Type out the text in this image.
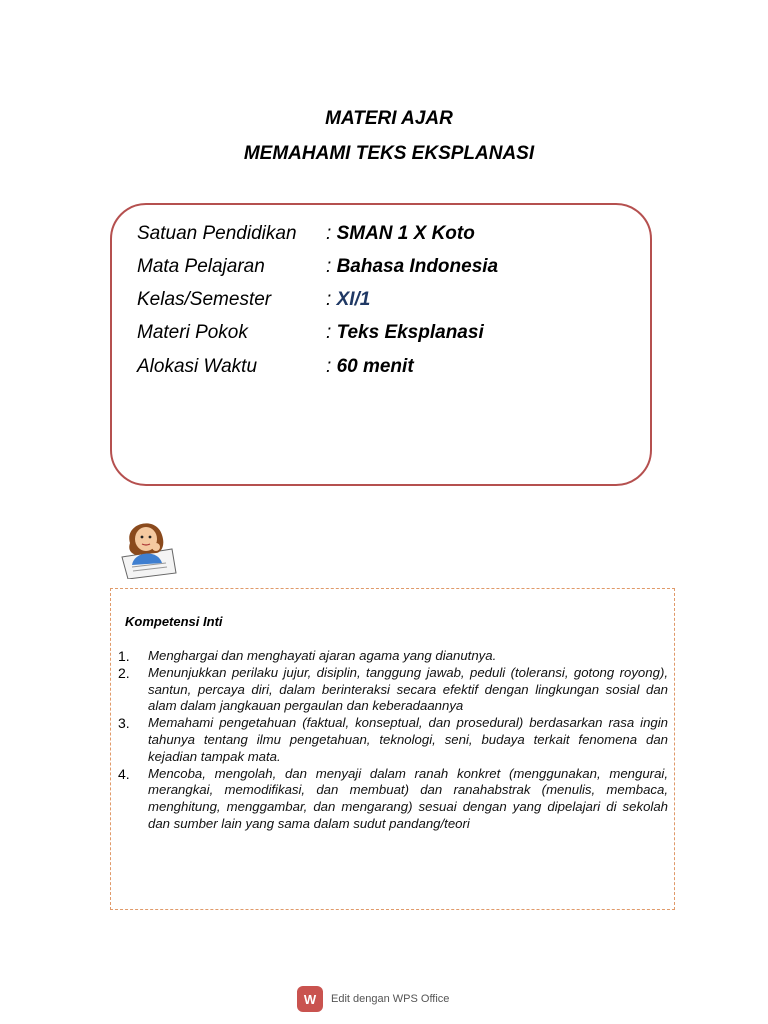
MATERI AJAR
MEMAHAMI TEKS EKSPLANASI
Satuan Pendidikan : SMAN 1 X Koto
Mata Pelajaran	: Bahasa Indonesia
Kelas/Semester	: XI/1
Materi Pokok	: Teks Eksplanasi
Alokasi Waktu	: 60 menit
Kompetensi Inti
1.	Menghargai dan menghayati ajaran agama yang dianutnya.
2.	Menunjukkan perilaku jujur, disiplin, tanggung jawab, peduli (toleransi, gotong royong), santun, percaya diri, dalam berinteraksi secara efektif dengan lingkungan sosial dan alam dalam jangkauan pergaulan dan keberadaannya
3.	Memahami pengetahuan (faktual, konseptual, dan prosedural) berdasarkan rasa ingin tahunya tentang ilmu pengetahuan, teknologi, seni, budaya terkait fenomena dan kejadian tampak mata.
4.	Mencoba, mengolah, dan menyaji dalam ranah konkret (menggunakan, mengurai, merangkai, memodifikasi, dan membuat) dan ranahabstrak (menulis, membaca, menghitung, menggambar, dan mengarang) sesuai dengan yang dipelajari di sekolah dan sumber lain yang sama dalam sudut pandang/teori
W	Edit dengan WPS Office
